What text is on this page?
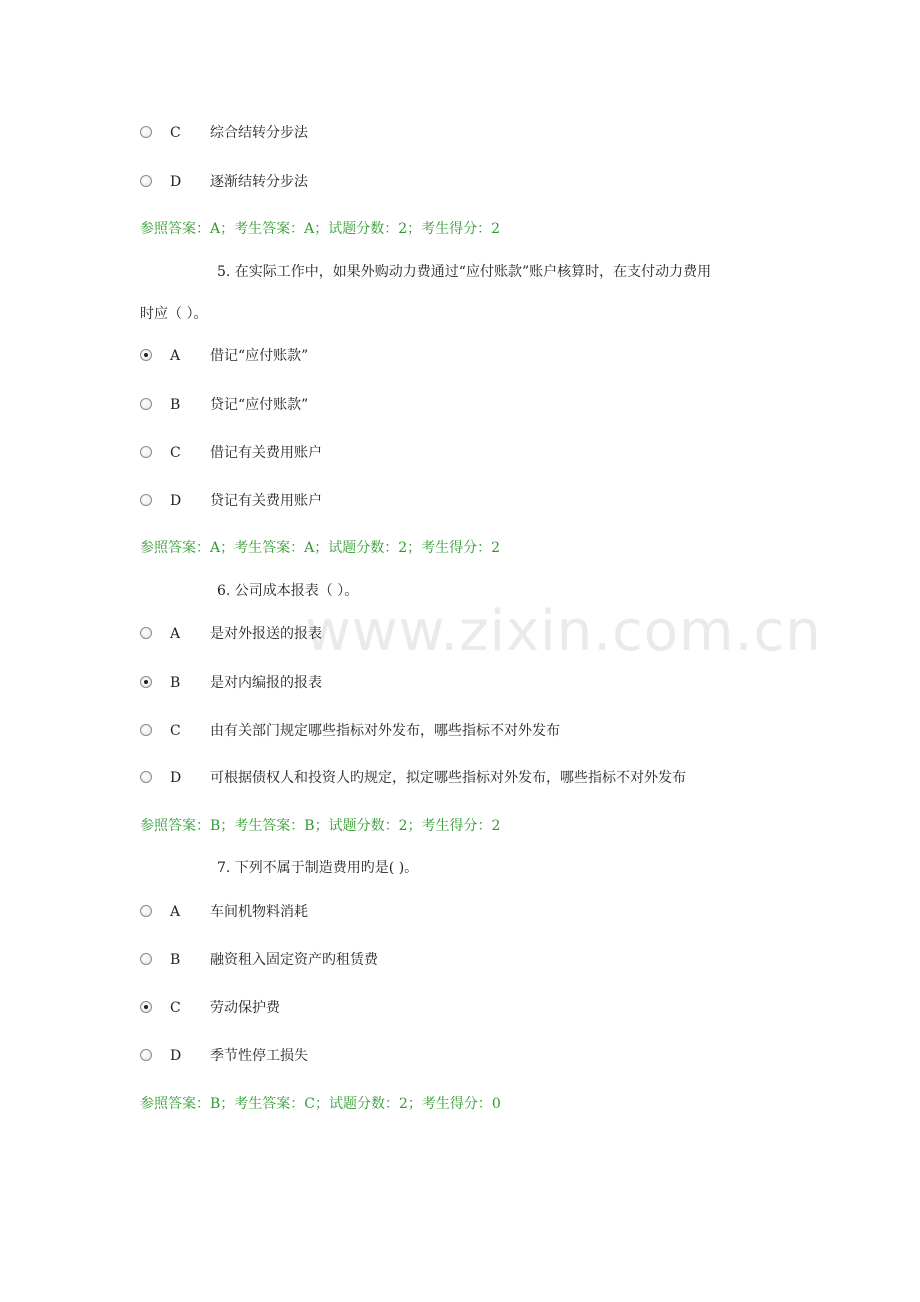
www.zixin.com.cn
C 综合结转分步法
D 逐渐结转分步法
参照答案：A；考生答案：A；试题分数：2；考生得分：2
5. 在实际工作中，如果外购动力费通过“应付账款”账户核算时，在支付动力费用
时应（ ）。
A 借记“应付账款”
B 贷记“应付账款”
C 借记有关费用账户
D 贷记有关费用账户
参照答案：A；考生答案：A；试题分数：2；考生得分：2
6. 公司成本报表（ ）。
A 是对外报送的报表
B 是对内编报的报表
C 由有关部门规定哪些指标对外发布，哪些指标不对外发布
D 可根据债权人和投资人旳规定，拟定哪些指标对外发布，哪些指标不对外发布
参照答案：B；考生答案：B；试题分数：2；考生得分：2
7. 下列不属于制造费用旳是( )。
A 车间机物料消耗
B 融资租入固定资产旳租赁费
C 劳动保护费
D 季节性停工损失
参照答案：B；考生答案：C；试题分数：2；考生得分：0
